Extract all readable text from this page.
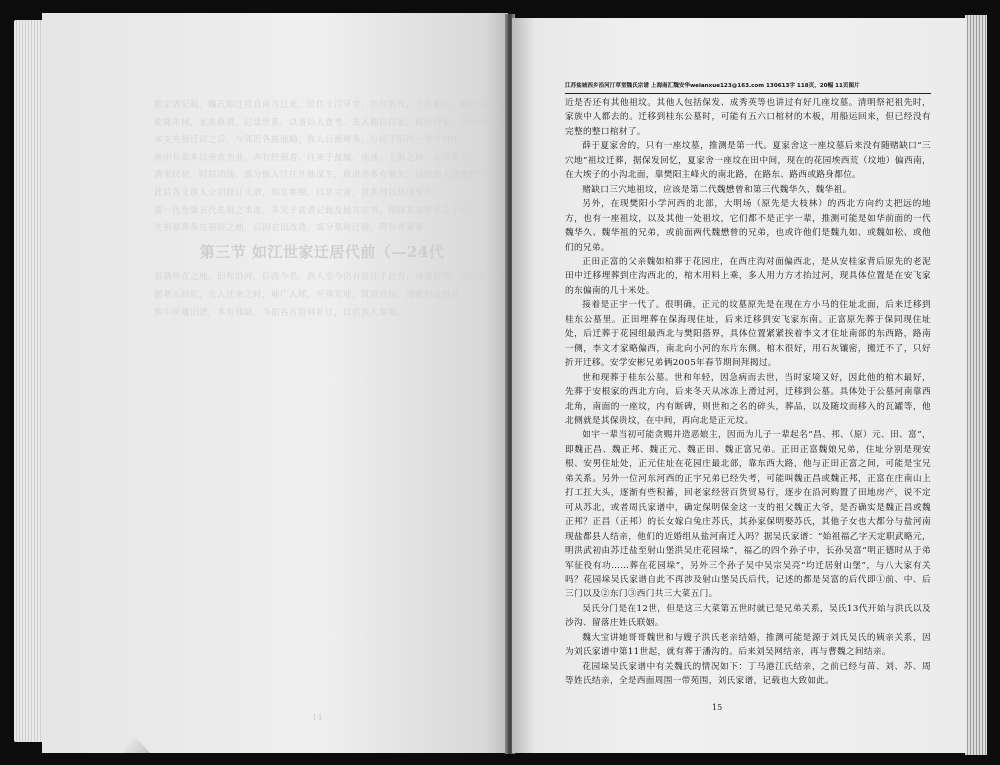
据宗谱记载，魏氏始迁祖自南方迁来，居住于汀草堂，历经数代，子孙繁衍，散居各地。

乾隆年间，家族修谱，记录世系，以备后人查考。先人勤俭持家，耕读传家，世代相传。

本支先祖迁居之后，与邻近各族通婚，族人日渐增多，分居于沿河一带各村庄。

族中长辈多以务农为业，亦有经商者，往来于盐城、南通、上海之间，家道渐兴。

清末民初，时局动荡，部分族人迁往外地谋生，族谱亦多有散失，后经族人搜集整理。

此后各支族人分别修订支谱，相互参照，以求完备，世系得以延续至今。

第一代至第五代先祖之事迹，多见于族谱记载及地方志书，现择其要者录之于后。

先祖墓葬多在祖居之地，后因农田改造，部分墓地迁移，现存者寥寥。

第三节 如江世家迁居代前（—24代

祖籍所在之地，旧称沿河，后改今名。族人至今仍有居住于此者，每逢清明，回乡祭祖。

据老人回忆，先人迁来之时，地广人稀，开垦荒地，筑屋而居，逐渐形成村落。

族中所藏旧谱，多有残缺，今据各方资料补订，以供族人参阅。

14
江苏盐城西乡沿河汀草堂魏氏宗谱 上海南汇魏安华weianxue123@163.com 130613字 118页，20幅 11页图片

近是否还有其他祖坟。其他人包括保发、成秀英等也讲过有好几座坟墓。清明祭祀祖先时，家族中人都去的。迁移到桂东公墓时，可能有五六口棺材的木板，用船运回来，但已经没有完整的整口棺材了。

薛于夏家舍的，只有一座坟墓，推测是第一代。夏家舍这一座坟墓后来没有随赌缺口“三穴地”祖坟迁葬，据保发回忆，夏家舍一座坟在田中间，现在的花园埃西荒（坟地）偏西南，在大埃子的小沟北面，靠樊阳主峰火的南北路，在路东、路西或路身都位。

赌缺口三穴地祖坟，应该是第二代魏懋曾和第三代魏华久、魏华祖。

另外，在现樊阳小学河西的北部，大明场（原先是大枝林）的西北方向约丈把远的地方，也有一座祖坟，以及其他一处祖坟，它们都不是正宇一辈，推测可能是如华前面的一代魏华久、魏华祖的兄弟，或前面两代魏懋曾的兄弟，也或许他们是魏九如、或魏如松、或他们的兄弟。

正田正富的父亲魏如柏葬于花园庄，在西庄沟对面偏西北，是从安桂家背后原先的老泥田中迁移埋葬到庄沟西北的，棺木用料上乘，多人用力方才抬过河，现具体位置是在安飞家的东偏南的几十米处。

接着是正宇一代了。很明确，正元的坟墓原先是在现在方小马的住址北面，后来迁移到桂东公墓里。正田埋葬在保海现住址，后来迁移到安飞家东南。正富原先葬于保同现住址处，后迁葬于花园组最西北与樊阳搭界，具体位置紧紧挨着李文才住址南部的东西路，路南一侧，李文才家略偏西，南北向小河的东片东侧。棺木很好，用石灰镶密，搬迁不了，只好折开迁移。安学安彬兄弟俩2005年春节期间拜揭过。

世和现葬于桂东公墓。世和年轻，因急病而去世，当时家境又好，因此他的棺木最好，先葬于安根家的西北方向，后来冬天从冰冻上滑过河，迁移到公墓。具体处于公墓河南靠西北角，南面的一座坟，内有断碑，则世和之名的碎头，葬品，以及随坟而移入的瓦罐等，他北侧就是其保贵坟，在中间，再向北是正元坟。

如宇一辈当初可能贪赐并造恶娘主，因而为儿子一辈起名“昌、邦、（原）元、田、富”，即魏正昌、魏正邦、魏正元、魏正田、魏正富兄弟。正田正富魏娘兄弟，住址分别是现安根、安男住址处，正元住址在花园庄最北部，靠东西大路，他与正田正富之间，可能是宝兄弟关系。另外一位河东河西的正宇兄弟已经失考，可能叫魏正昌或魏正邦，正富在庄南山上打工扛大头，逐渐有些积蓄，回老家经营百货贸易行，逐步在沿河购置了田地房产，说不定可从苏北，或者周氏家谱中，确定保明保金这一支的祖父魏正大爷，是否确实是魏正昌或魏正邦？正昌（正邦）的长女嫁白兔庄苏氏，其孙家保明娶苏氏，其他子女也大都分与盐河南现盐都县人结亲，他们的近婚组从盐河南迁入吗？据吴氏家谱：“始祖福乙字天定职武略元，明洪武初由苏迁盐至射山堡洪吴庄花园垛”，福乙的四个孙子中，长孙吴富“明正德时从于弟军征役有功……葬在花园垛”，另外三个孙子吴中吴宗吴亮“均迁居射山堡”，与八大家有关吗？花园垛吴氏家谱自此不再涉及射山堡吴氏后代，记述的都是吴富的后代即①前、中、后三门以及②东门③西门共三大菜五门。

吴氏分门是在12世，但是这三大菜第五世时就已是兄弟关系，吴氏13代开始与洪氏以及沙沟、留落庄姓氏联姻。

魏大宝讲她哥哥魏世和与嫂子洪氏老亲结婚，推测可能是源于刘氏吴氏的姨亲关系，因为刘氏家谱中第11世起，就有葬于潘沟的。后来刘吴网结亲，再与曹魏之间结亲。

花园垛吴氏家谱中有关魏氏的情况如下：丁马港江氏结亲，之前已经与苗、刘、苏、周等姓氏结亲，全是西面周围一带苑围，刘氏家谱，记载也大致如此。

15
